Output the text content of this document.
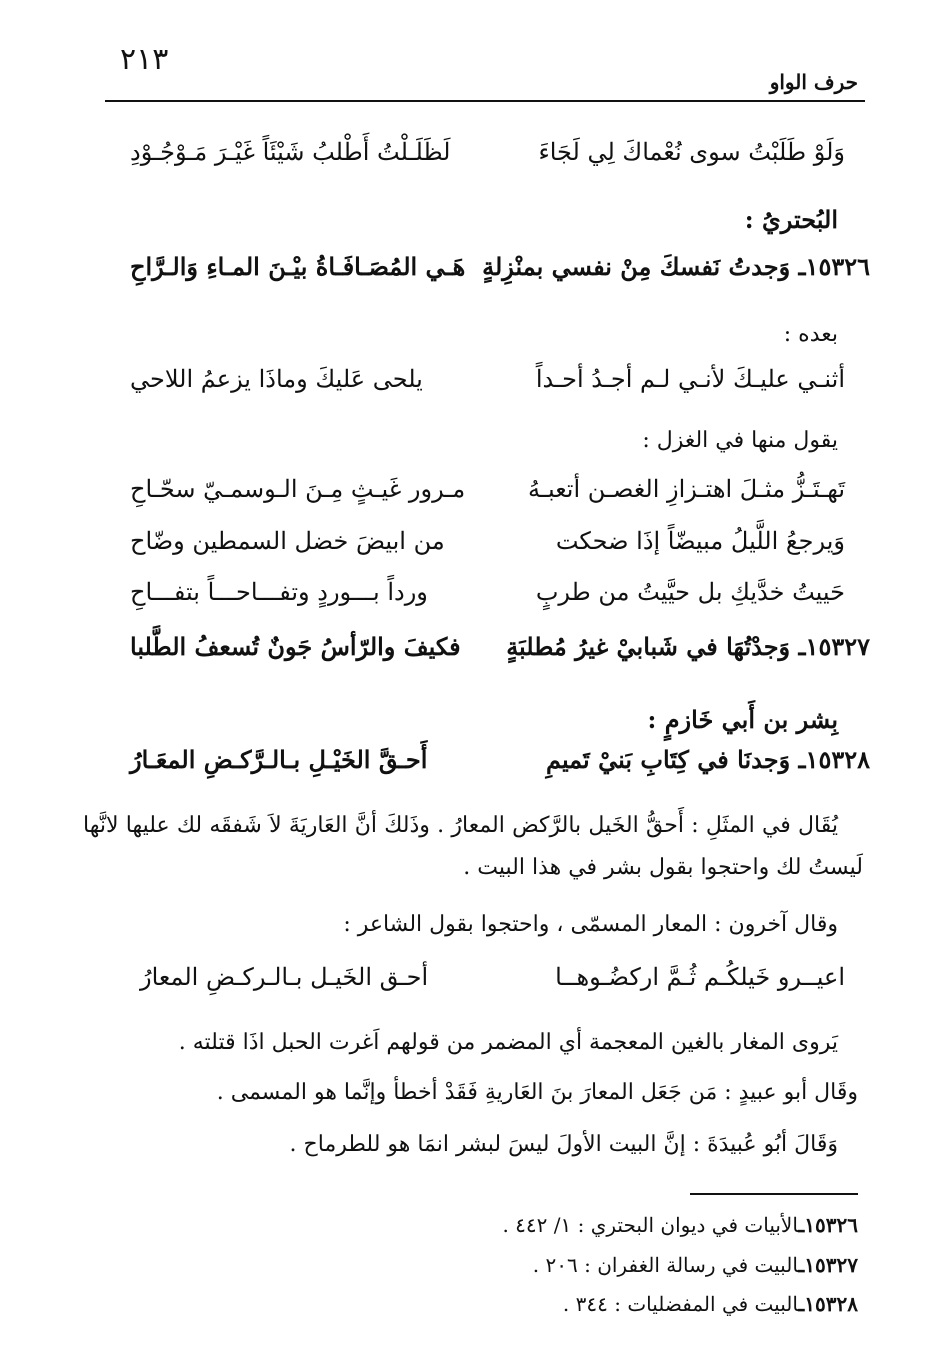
٢١٣
حرف الواو
وَلَوْ طَلَبْتُ سوى نُعْماكَ لِي لَجَاءَ
لَظَلَـلْتُ أَطْلبُ شَيْئَاً غَيْـرَ مَـوْجُـوْدِ
البُحتريُ :
١٥٣٢٦ـ وَجدتُ نَفسكَ مِنْ نفسي بمنْزِلةٍ
هَـي المُصَـافَـاةُ بيْـنَ المـاءِ وَالـرَّاحِ
بعده :
أثنـي عليـكَ لأنـي لـم أجـدُ أحـداً
يلحى عَليكَ وماذَا يزعمُ اللاحي
يقول منها في الغزل :
تَهـتَـزُّ مثـلَ اهتـزازِ الغصـن أتعبـهُ
مـرور غَيـثٍ مِـنَ الـوسمـيّ سحّـاحِ
وَيرجعُ اللَّيلُ مبيضّاً إذَا ضحكت
من ابيضَ خضل السمطين وضّاح
حَييتُ خدَّيكِ بل حيَّيتُ من طربٍ
ورداً بـــوردٍ وتفـــاحـــاً بتفـــاحِ
١٥٣٢٧ـ وَجدْتُهَا في شَبابيْ غيرُ مُطلبَةٍ
فكيفَ والرّأسُ جَونٌ تُسعفُ الطَّلبا
بِشر بن أَبي خَازمٍ :
١٥٣٢٨ـ وَجدنَا في كِتَابِ بَنيْ تَميمِ
أَحـقَّ الخَيْـلِ بـالـرَّكـضِ المعَـارُ
يُقَال في المثَلِ : أَحقُّ الخَيل بالرَّكض المعارُ . وذَلكَ أنَّ العَاريَةَ لاَ شَفقَه لك عليها لانَّها لَيستُ لك واحتجوا بقول بشر في هذا البيت .
وقال آخرون : المعار المسمّى ، واحتجوا بقول الشاعر :
اعيــرو خَيلكُـم ثُـمَّ اركضُـوهــا
أحـق الخَيـل بـالـركـضِ المعارُ
يَروى المغار بالغين المعجمة أي المضمر من قولهم اَغرت الحبل اذَا قتلته .
وقَال أبو عبيدٍ : مَن جَعَل المعارَ بنَ العَاريةِ فَقَدْ أخطأ وإنَّما هو المسمى .
وَقَالَ أبُو عُبيدَةَ : إنَّ البيت الأولَ ليسَ لبشر انمَا هو للطرماح .
١٥٣٢٦ـالأبيات في ديوان البحتري : ١/ ٤٤٢ .
١٥٣٢٧ـالبيت في رسالة الغفران : ٢٠٦ .
١٥٣٢٨ـالبيت في المفضليات : ٣٤٤ .
